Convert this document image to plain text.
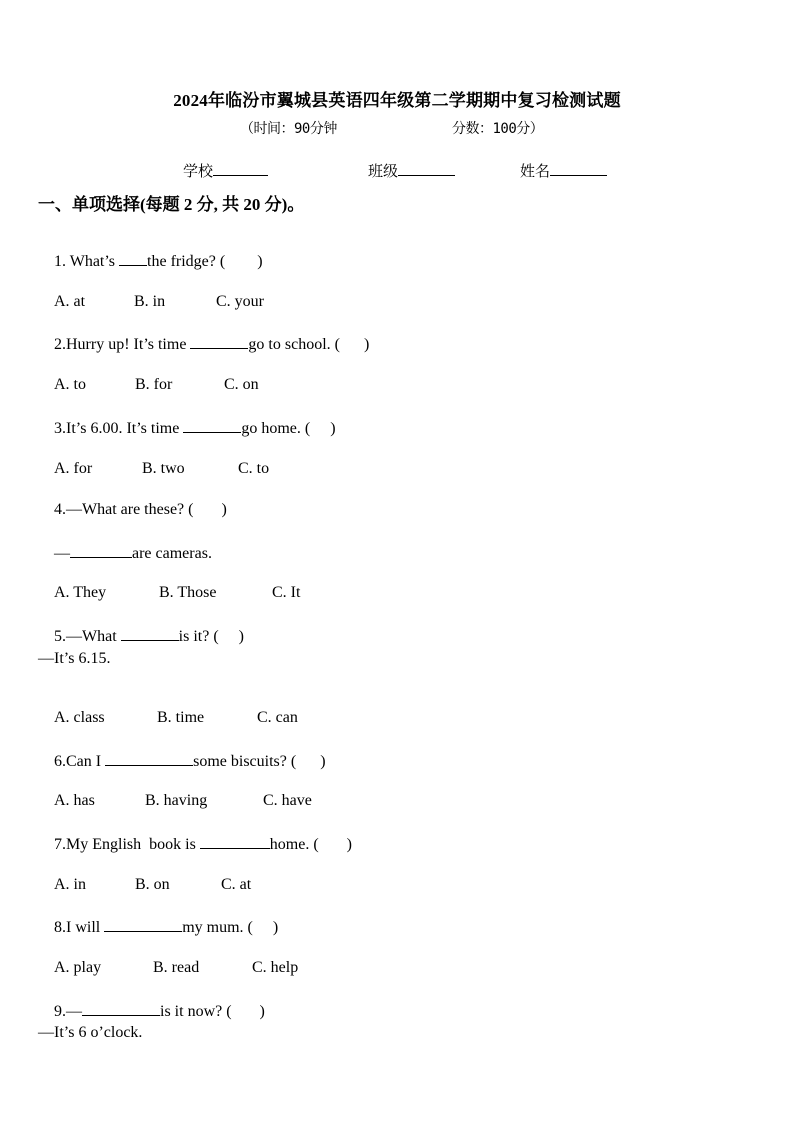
2024年临汾市翼城县英语四年级第二学期期中复习检测试题
（时间：90分钟	分数：100分）
学校	班级	姓名
一、单项选择(每题 2 分, 共 20 分)。

1. What’s the fridge? (        )

A. at	B. in	C. your

2.Hurry up! It’s time	go to school. (      )

A. to	B. for	C. on

3.It’s 6.00. It’s time	go home. (     )

A. for	B. two	C. to

4.—What are these? (       )

—	are cameras.

A. They	B. Those	C. It

5.—What	is it? (     )

—It’s 6.15.

A. class	B. time	C. can

6.Can I	some biscuits? (      )

A. has	B. having	C. have

7.My English  book is	home. (       )

A. in	B. on	C. at

8.I will	my mum. (     )

A. play	B. read	C. help

9.—	is it now? (       )

—It’s 6 o’clock.
